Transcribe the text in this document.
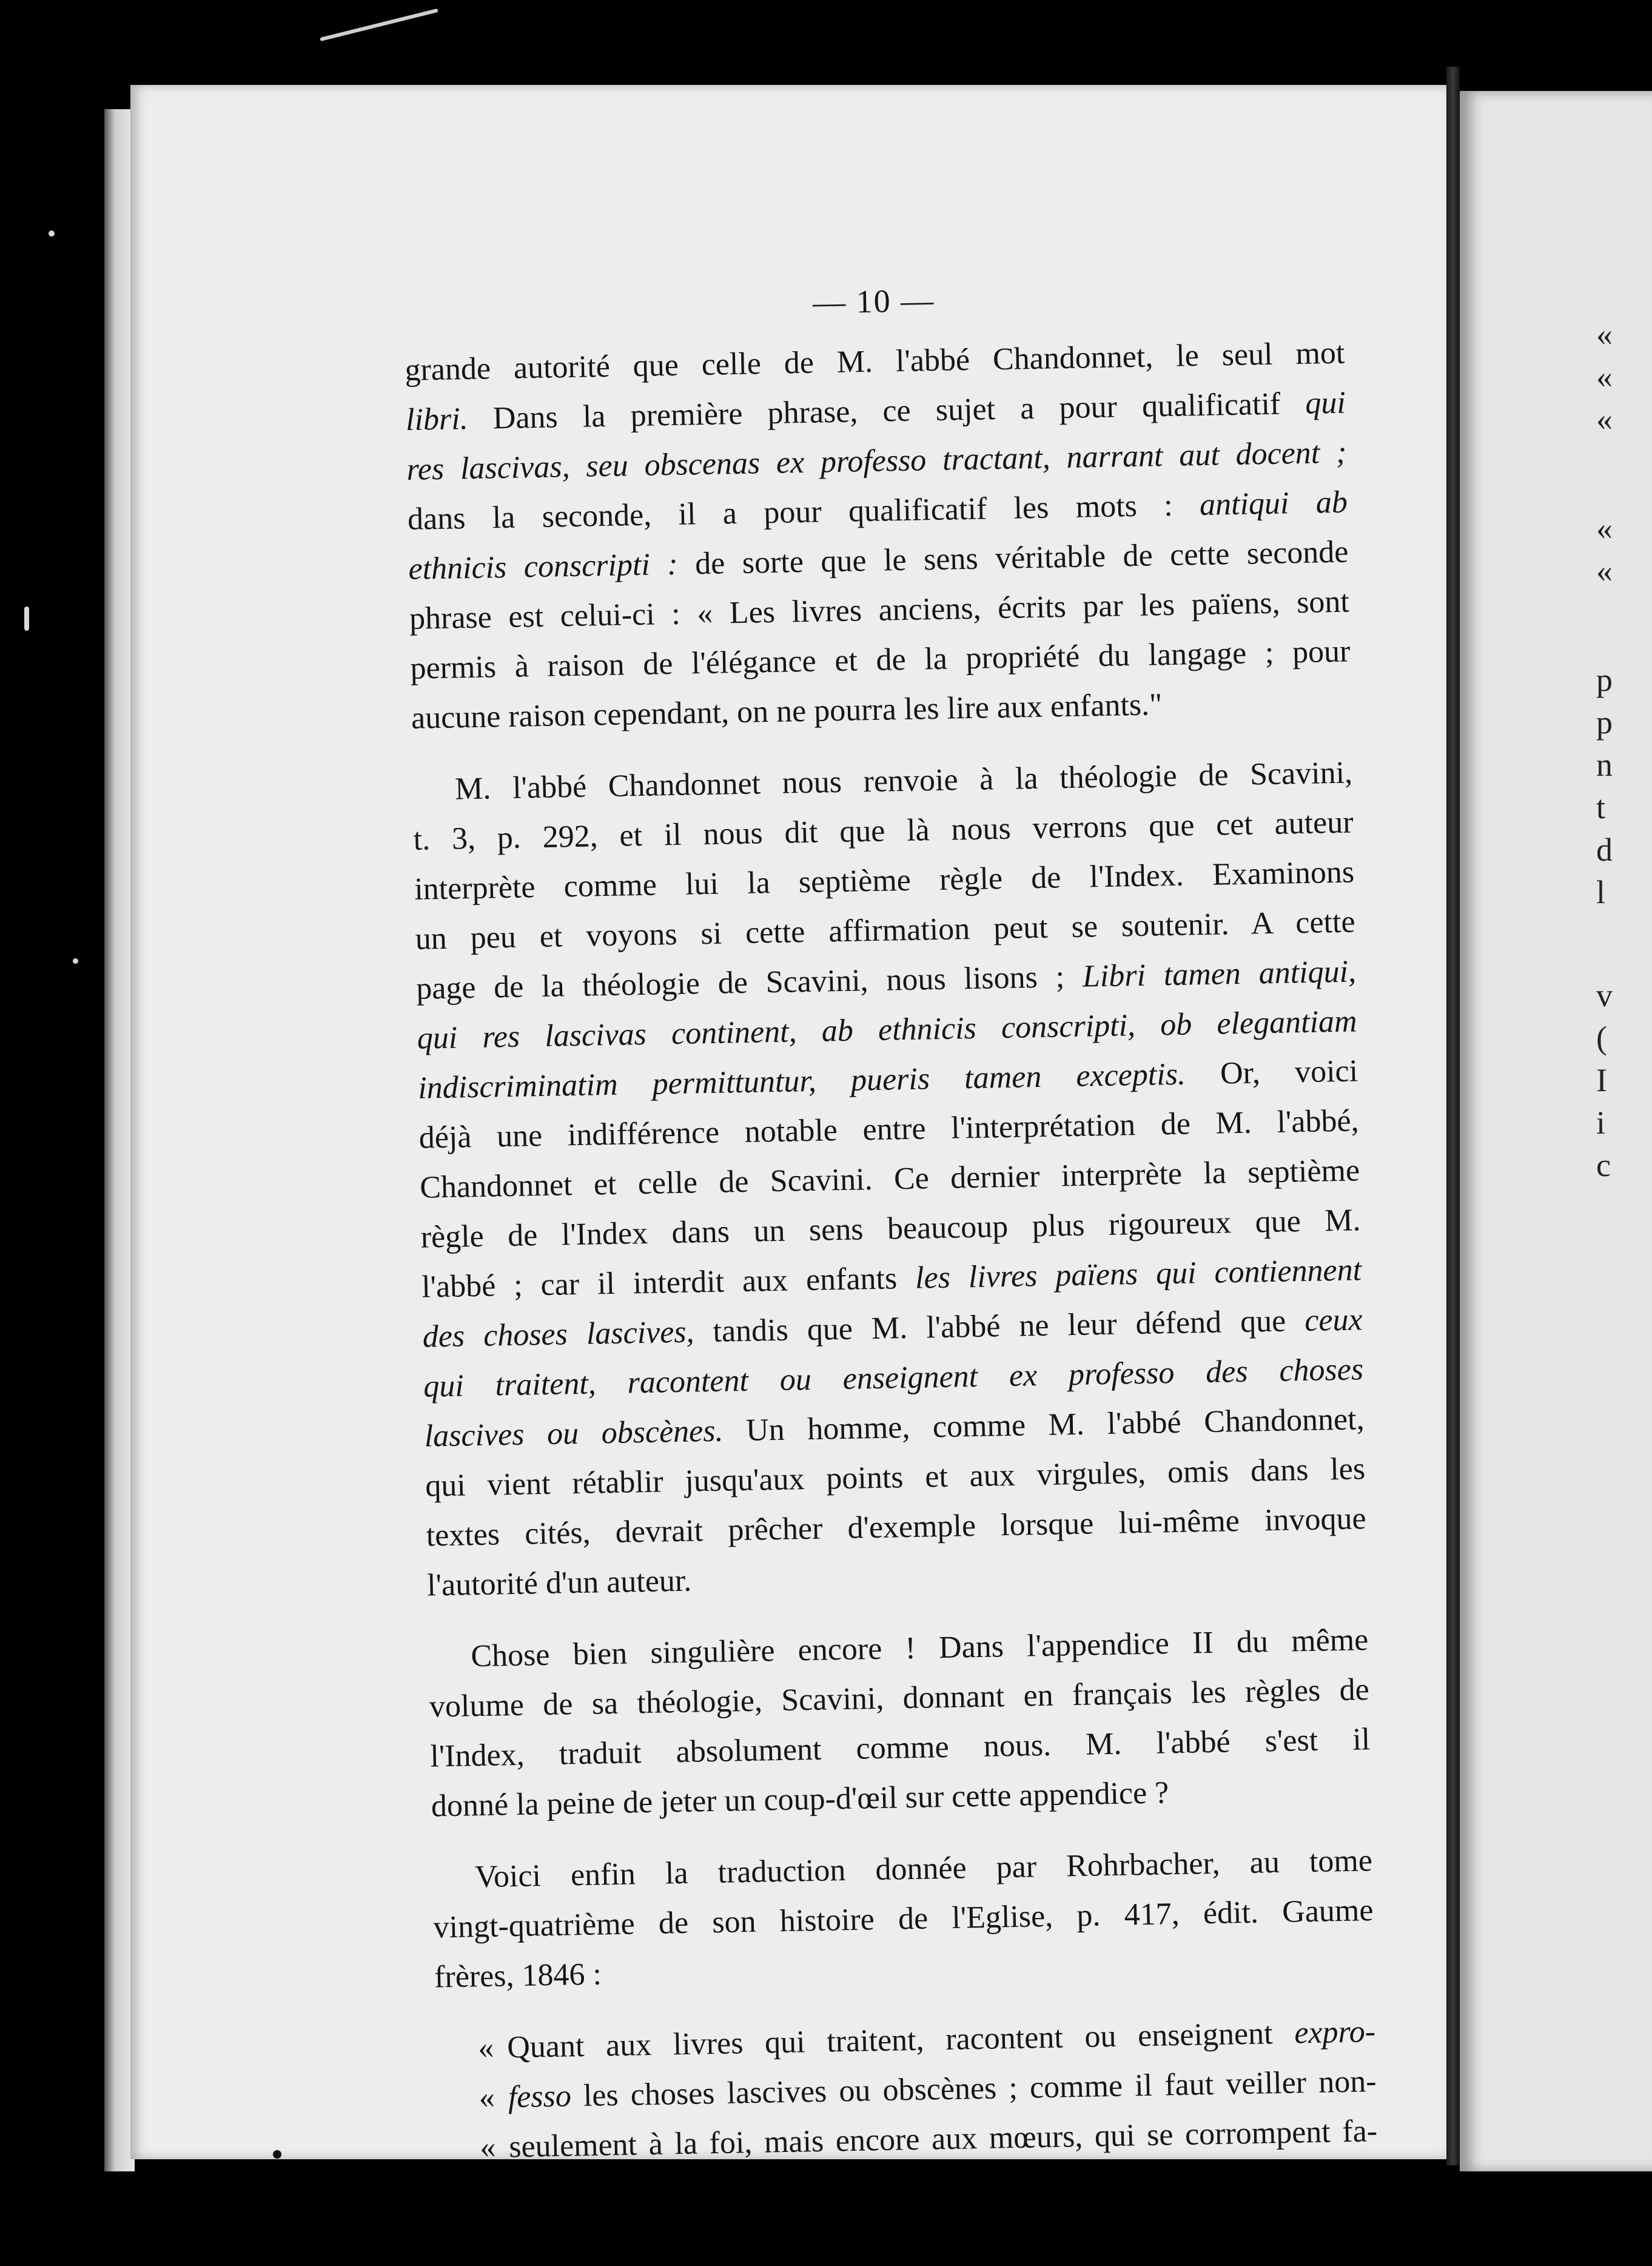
«
«
«
«
«
p
p
n
t
d
l
v
(
I
i
c
— 10 —
grande autorité que celle de M. l'abbé Chandonnet, le seul mot
libri. Dans la première phrase, ce sujet a pour qualificatif qui
res lascivas, seu obscenas ex professo tractant, narrant aut docent ;
dans la seconde, il a pour qualificatif les mots : antiqui ab
ethnicis conscripti : de sorte que le sens véritable de cette seconde
phrase est celui-ci : « Les livres anciens, écrits par les païens, sont
permis à raison de l'élégance et de la propriété du langage ; pour
aucune raison cependant, on ne pourra les lire aux enfants."
M. l'abbé Chandonnet nous renvoie à la théologie de Scavini,
t. 3, p. 292, et il nous dit que là nous verrons que cet auteur
interprète comme lui la septième règle de l'Index. Examinons
un peu et voyons si cette affirmation peut se soutenir. A cette
page de la théologie de Scavini, nous lisons ; Libri tamen antiqui,
qui res lascivas continent, ab ethnicis conscripti, ob elegantiam
indiscriminatim permittuntur, pueris tamen exceptis. Or, voici
déjà une indifférence notable entre l'interprétation de M. l'abbé,
Chandonnet et celle de Scavini. Ce dernier interprète la septième
règle de l'Index dans un sens beaucoup plus rigoureux que M.
l'abbé ; car il interdit aux enfants les livres païens qui contiennent
des choses lascives, tandis que M. l'abbé ne leur défend que ceux
qui traitent, racontent ou enseignent ex professo des choses
lascives ou obscènes. Un homme, comme M. l'abbé Chandonnet,
qui vient rétablir jusqu'aux points et aux virgules, omis dans les
textes cités, devrait prêcher d'exemple lorsque lui-même invoque
l'autorité d'un auteur.
Chose bien singulière encore ! Dans l'appendice II du même
volume de sa théologie, Scavini, donnant en français les règles de
l'Index, traduit absolument comme nous. M. l'abbé s'est il
donné la peine de jeter un coup-d'œil sur cette appendice ?
Voici enfin la traduction donnée par Rohrbacher, au tome
vingt-quatrième de son histoire de l'Eglise, p. 417, édit. Gaume
frères, 1846 :
« Quant aux livres qui traitent, racontent ou enseignent expro-
« fesso les choses lascives ou obscènes ; comme il faut veiller non-
« seulement à la foi, mais encore aux mœurs, qui se corrompent fa-
